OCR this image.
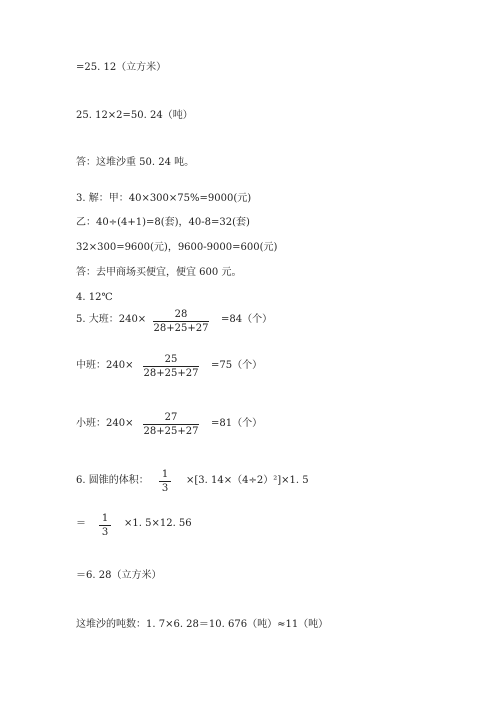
=25. 12（立方米）
25. 12×2=50. 24（吨）
答：这堆沙重 50. 24 吨。
3. 解：甲：40×300×75%=9000(元)
乙：40÷(4+1)=8(套)，40-8=32(套)
32×300=9600(元)，9600-9000=600(元)
答：去甲商场买便宜，便宜 600 元。
4. 12℃
5. 大班：240×	28
28+25+27
=84（个）
中班：240×
25
28+25+27
=75（个）
小班：240×
27
28+25+27
=81（个）
6. 圆锥的体积：
1
3
×[3. 14×（4÷2）²]×1. 5
＝ 1
3
×1. 5×12. 56
＝6. 28（立方米）
这堆沙的吨数：1. 7×6. 28＝10. 676（吨）≈11（吨）
